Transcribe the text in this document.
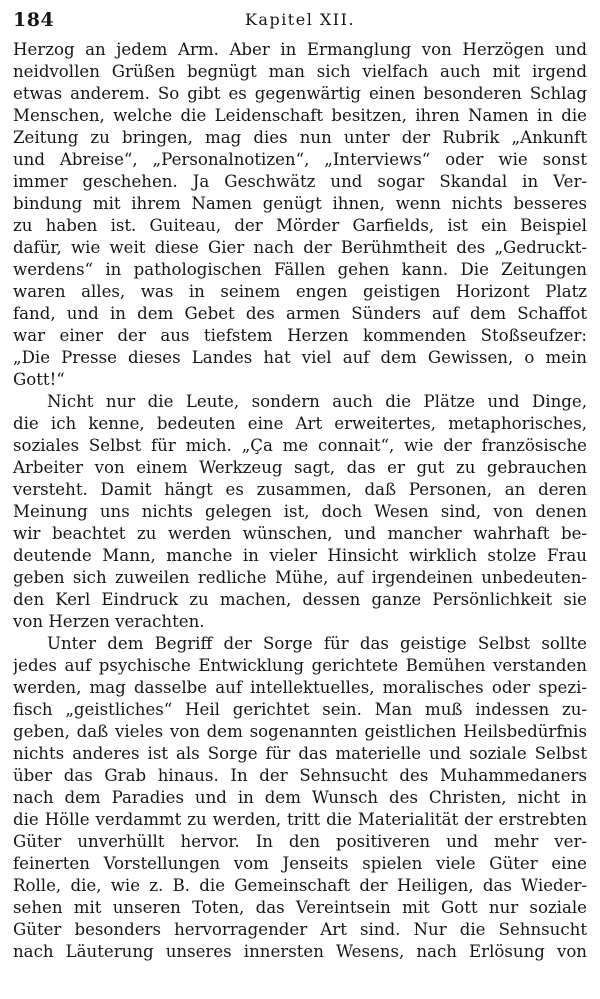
184	Kapitel XII.
Herzog an jedem Arm. Aber in Ermanglung von Herzögen und
neidvollen Grüßen begnügt man sich vielfach auch mit irgend
etwas anderem. So gibt es gegenwärtig einen besonderen Schlag
Menschen, welche die Leidenschaft besitzen, ihren Namen in die
Zeitung zu bringen, mag dies nun unter der Rubrik „Ankunft
und Abreise“, „Personalnotizen“, „Interviews“ oder wie sonst
immer geschehen. Ja Geschwätz und sogar Skandal in Ver-
bindung mit ihrem Namen genügt ihnen, wenn nichts besseres
zu haben ist. Guiteau, der Mörder Garfields, ist ein Beispiel
dafür, wie weit diese Gier nach der Berühmtheit des „Gedruckt-
werdens“ in pathologischen Fällen gehen kann. Die Zeitungen
waren alles, was in seinem engen geistigen Horizont Platz
fand, und in dem Gebet des armen Sünders auf dem Schaffot
war einer der aus tiefstem Herzen kommenden Stoßseufzer:
„Die Presse dieses Landes hat viel auf dem Gewissen, o mein
Gott!“
Nicht nur die Leute, sondern auch die Plätze und Dinge,
die ich kenne, bedeuten eine Art erweitertes, metaphorisches,
soziales Selbst für mich. „Ça me connait“, wie der französische
Arbeiter von einem Werkzeug sagt, das er gut zu gebrauchen
versteht. Damit hängt es zusammen, daß Personen, an deren
Meinung uns nichts gelegen ist, doch Wesen sind, von denen
wir beachtet zu werden wünschen, und mancher wahrhaft be-
deutende Mann, manche in vieler Hinsicht wirklich stolze Frau
geben sich zuweilen redliche Mühe, auf irgendeinen unbedeuten-
den Kerl Eindruck zu machen, dessen ganze Persönlichkeit sie
von Herzen verachten.
Unter dem Begriff der Sorge für das geistige Selbst sollte
jedes auf psychische Entwicklung gerichtete Bemühen verstanden
werden, mag dasselbe auf intellektuelles, moralisches oder spezi-
fisch „geistliches“ Heil gerichtet sein. Man muß indessen zu-
geben, daß vieles von dem sogenannten geistlichen Heilsbedürfnis
nichts anderes ist als Sorge für das materielle und soziale Selbst
über das Grab hinaus. In der Sehnsucht des Muhammedaners
nach dem Paradies und in dem Wunsch des Christen, nicht in
die Hölle verdammt zu werden, tritt die Materialität der erstrebten
Güter unverhüllt hervor. In den positiveren und mehr ver-
feinerten Vorstellungen vom Jenseits spielen viele Güter eine
Rolle, die, wie z. B. die Gemeinschaft der Heiligen, das Wieder-
sehen mit unseren Toten, das Vereintsein mit Gott nur soziale
Güter besonders hervorragender Art sind. Nur die Sehnsucht
nach Läuterung unseres innersten Wesens, nach Erlösung von
